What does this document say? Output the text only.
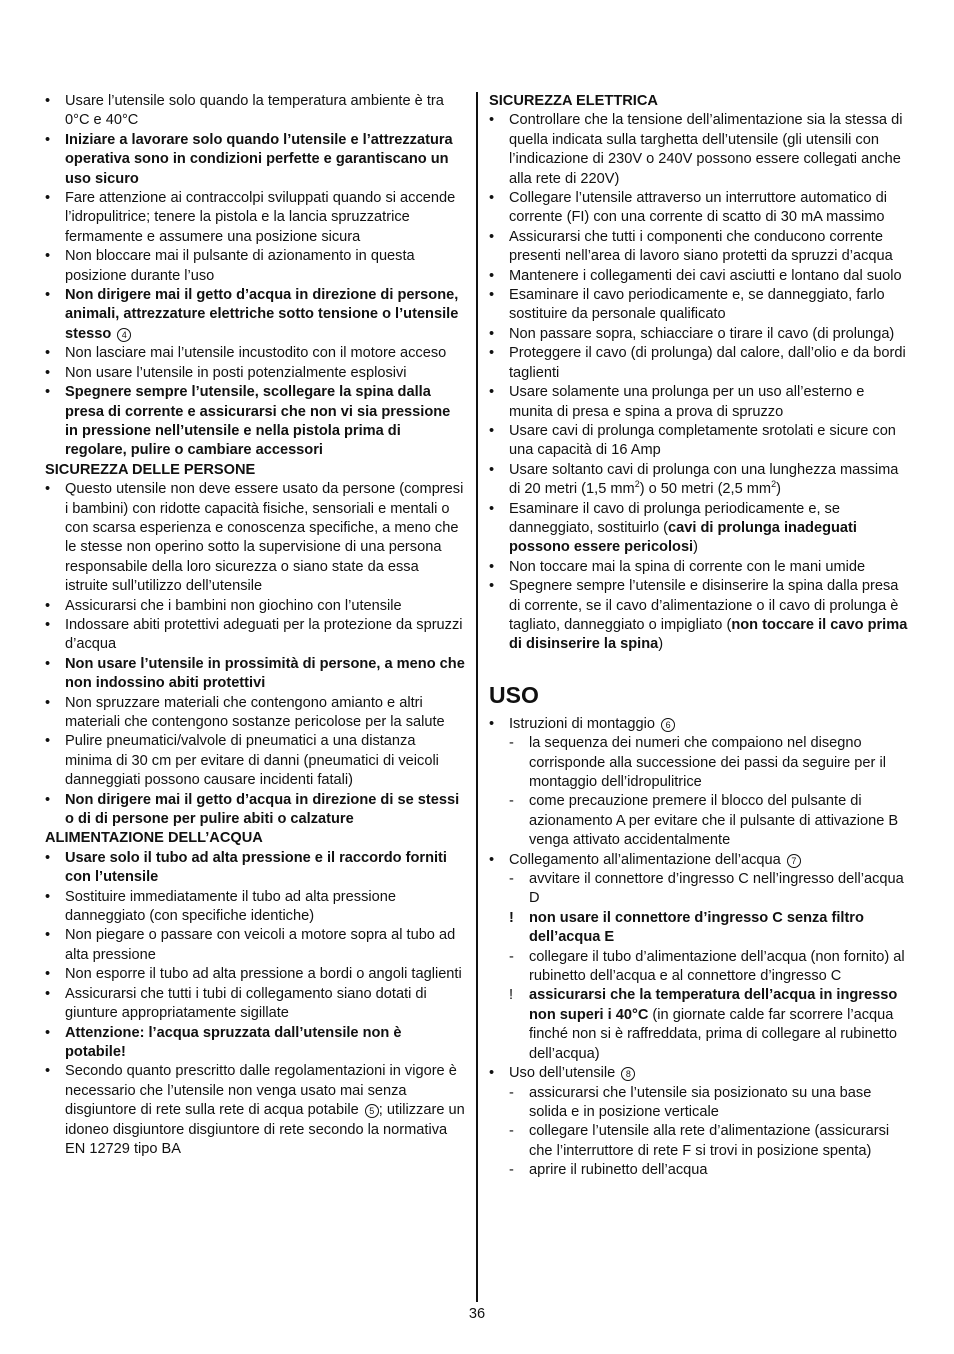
•	Usare l’utensile solo quando la temperatura ambiente è tra 0°C e 40°C
•	Iniziare a lavorare solo quando l’utensile e l’attrezzatura operativa sono in condizioni perfette e garantiscano un uso sicuro
•	Fare attenzione ai contraccolpi sviluppati quando si accende l’idropulitrice; tenere la pistola e la lancia spruzzatrice fermamente e assumere una posizione sicura
•	Non bloccare mai il pulsante di azionamento in questa posizione durante l’uso
•	Non dirigere mai il getto d’acqua in direzione di persone, animali, attrezzature elettriche sotto tensione o l’utensile stesso 4
•	Non lasciare mai l’utensile incustodito con il motore acceso
•	Non usare l’utensile in posti potenzialmente esplosivi
•	Spegnere sempre l’utensile, scollegare la spina dalla presa di corrente e assicurarsi che non vi sia pressione in pressione nell’utensile e nella pistola prima di regolare, pulire o cambiare accessori
SICUREZZA DELLE PERSONE
•	Questo utensile non deve essere usato da persone (compresi i bambini) con ridotte capacità fisiche, sensoriali e mentali o con scarsa esperienza e conoscenza specifiche, a meno che le stesse non operino sotto la supervisione di una persona responsabile della loro sicurezza o siano state da essa istruite sull’utilizzo dell’utensile
•	Assicurarsi che i bambini non giochino con l’utensile
•	Indossare abiti protettivi adeguati per la protezione da spruzzi d’acqua
•	Non usare l’utensile in prossimità di persone, a meno che non indossino abiti protettivi
•	Non spruzzare materiali che contengono amianto e altri materiali che contengono sostanze pericolose per la salute
•	Pulire pneumatici/valvole di pneumatici a una distanza minima di 30 cm per evitare di danni (pneumatici di veicoli danneggiati possono causare incidenti fatali)
•	Non dirigere mai il getto d’acqua in direzione di se stessi o di di persone per pulire abiti o calzature
ALIMENTAZIONE DELL’ACQUA
•	Usare solo il tubo ad alta pressione e il raccordo forniti con l’utensile
•	Sostituire immediatamente il tubo ad alta pressione danneggiato (con specifiche identiche)
•	Non piegare o passare con veicoli a motore sopra al tubo ad alta pressione
•	Non esporre il tubo ad alta pressione a bordi o angoli taglienti
•	Assicurarsi che tutti i tubi di collegamento siano dotati di giunture appropriatamente sigillate
•	Attenzione: l’acqua spruzzata dall’utensile non è potabile!
•	Secondo quanto prescritto dalle regolamentazioni in vigore è necessario che l’utensile non venga usato mai senza disgiuntore di rete sulla rete di acqua potabile 5 ; utilizzare un idoneo disgiuntore disgiuntore di rete secondo la normativa EN 12729 tipo BA
SICUREZZA ELETTRICA
•	Controllare che la tensione dell’alimentazione sia la stessa di quella indicata sulla targhetta dell’utensile (gli utensili con l’indicazione di 230V o 240V possono essere collegati anche alla rete di 220V)
•	Collegare l’utensile attraverso un interruttore automatico di corrente (FI) con una corrente di scatto di 30 mA massimo
•	Assicurarsi che tutti i componenti che conducono corrente presenti nell’area di lavoro siano protetti da spruzzi d’acqua
•	Mantenere i collegamenti dei cavi asciutti e lontano dal suolo
•	Esaminare il cavo periodicamente e, se danneggiato, farlo sostituire da personale qualificato
•	Non passare sopra, schiacciare o tirare il cavo (di prolunga)
•	Proteggere il cavo (di prolunga) dal calore, dall’olio e da bordi taglienti
•	Usare solamente una prolunga per un uso all’esterno e munita di presa e spina a prova di spruzzo
•	Usare cavi di prolunga completamente srotolati e sicure con una capacità di 16 Amp
•	Usare soltanto cavi di prolunga con una lunghezza massima di 20 metri (1,5 $mm^2$) o 50 metri (2,5 $mm^2$)
•	Esaminare il cavo di prolunga periodicamente e, se danneggiato, sostituirlo (cavi di prolunga inadeguati possono essere pericolosi)
•	Non toccare mai la spina di corrente con le mani umide
•	Spegnere sempre l’utensile e disinserire la spina dalla presa di corrente, se il cavo d’alimentazione o il cavo di prolunga è tagliato, danneggiato o impigliato (non toccare il cavo prima di disinserire la spina)
USO
•	Istruzioni di montaggio 6
-	la sequenza dei numeri che compaiono nel disegno corrisponde alla successione dei passi da seguire per il montaggio dell’idropulitrice
-	come precauzione premere il blocco del pulsante di azionamento A per evitare che il pulsante di attivazione B venga attivato accidentalmente
•	Collegamento all’alimentazione dell’acqua 7
-	avvitare il connettore d’ingresso C nell’ingresso dell’acqua D
!	non usare il connettore d’ingresso C senza filtro dell’acqua E
-	collegare il tubo d’alimentazione dell’acqua (non fornito) al rubinetto dell’acqua e al connettore d’ingresso C
!	assicurarsi che la temperatura dell’acqua in ingresso non superi i 40°C (in giornate calde far scorrere l’acqua finché non si è raffreddata, prima di collegare al rubinetto dell’acqua)
•	Uso dell’utensile 8
-	assicurarsi che l’utensile sia posizionato su una base solida e in posizione verticale
-	collegare l’utensile alla rete d’alimentazione (assicurarsi che l’interruttore di rete F si trovi in posizione spenta)
-	aprire il rubinetto dell’acqua
36
